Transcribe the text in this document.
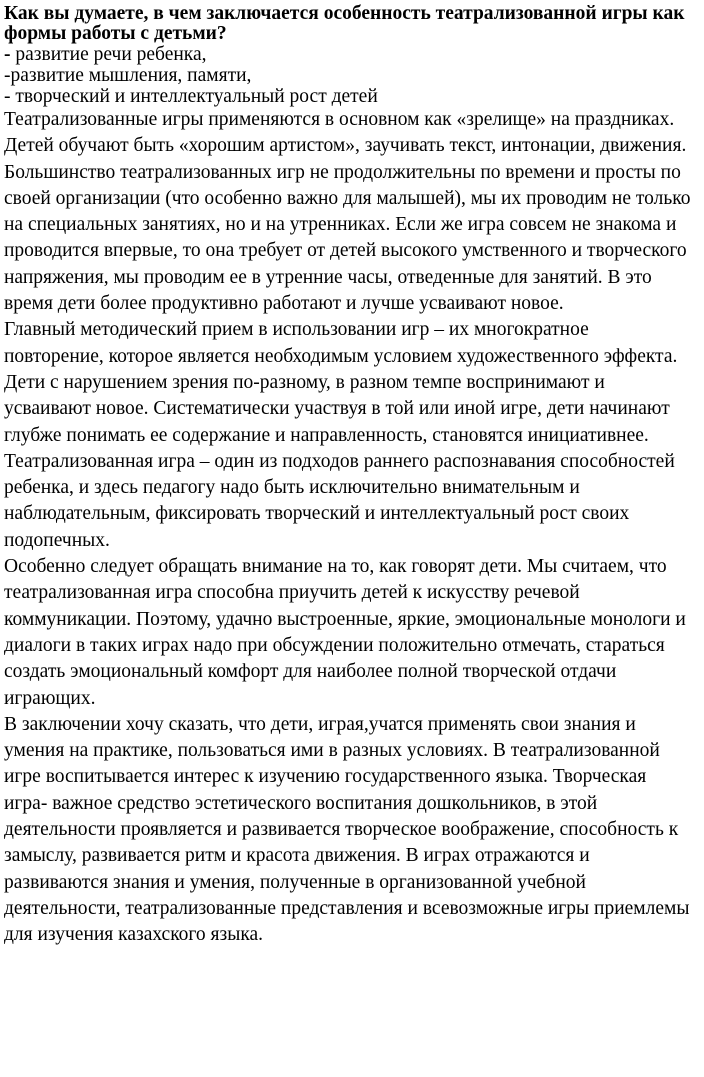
Как вы думаете, в чем заключается особенность театрализованной игры как
формы работы с детьми?

- развитие речи ребенка,
-развитие мышления, памяти,
- творческий и интеллектуальный рост детей
Театрализованные игры применяются в основном как «зрелище» на праздниках.
Детей обучают быть «хорошим артистом», заучивать текст, интонации, движения.
Большинство театрализованных игр не продолжительны по времени и просты по
своей организации (что особенно важно для малышей), мы их проводим не только
на специальных занятиях, но и на утренниках. Если же игра совсем не знакома и
проводится впервые, то она требует от детей высокого умственного и творческого
напряжения, мы проводим ее в утренние часы, отведенные для занятий. В это
время дети более продуктивно работают и лучше усваивают новое.
Главный методический прием в использовании игр – их многократное
повторение, которое является необходимым условием художественного эффекта.
Дети с нарушением зрения по-разному, в разном темпе воспринимают и
усваивают новое. Систематически участвуя в той или иной игре, дети начинают
глубже понимать ее содержание и направленность, становятся инициативнее.
Театрализованная игра – один из подходов раннего распознавания способностей
ребенка, и здесь педагогу надо быть исключительно внимательным и
наблюдательным, фиксировать творческий и интеллектуальный рост своих
подопечных.
Особенно следует обращать внимание на то, как говорят дети. Мы считаем, что
театрализованная игра способна приучить детей к искусству речевой
коммуникации. Поэтому, удачно выстроенные, яркие, эмоциональные монологи и
диалоги в таких играх надо при обсуждении положительно отмечать, стараться
создать эмоциональный комфорт для наиболее полной творческой отдачи
играющих.
В заключении хочу сказать, что дети, играя,учатся применять свои знания и
умения на практике, пользоваться ими в разных условиях. В театрализованной
игре воспитывается интерес к изучению государственного языка. Творческая
игра- важное средство эстетического воспитания дошкольников, в этой
деятельности проявляется и развивается творческое воображение, способность к
замыслу, развивается ритм и красота движения. В играх отражаются и
развиваются знания и умения, полученные в организованной учебной
деятельности, театрализованные представления и всевозможные игры приемлемы
для изучения казахского языка.
